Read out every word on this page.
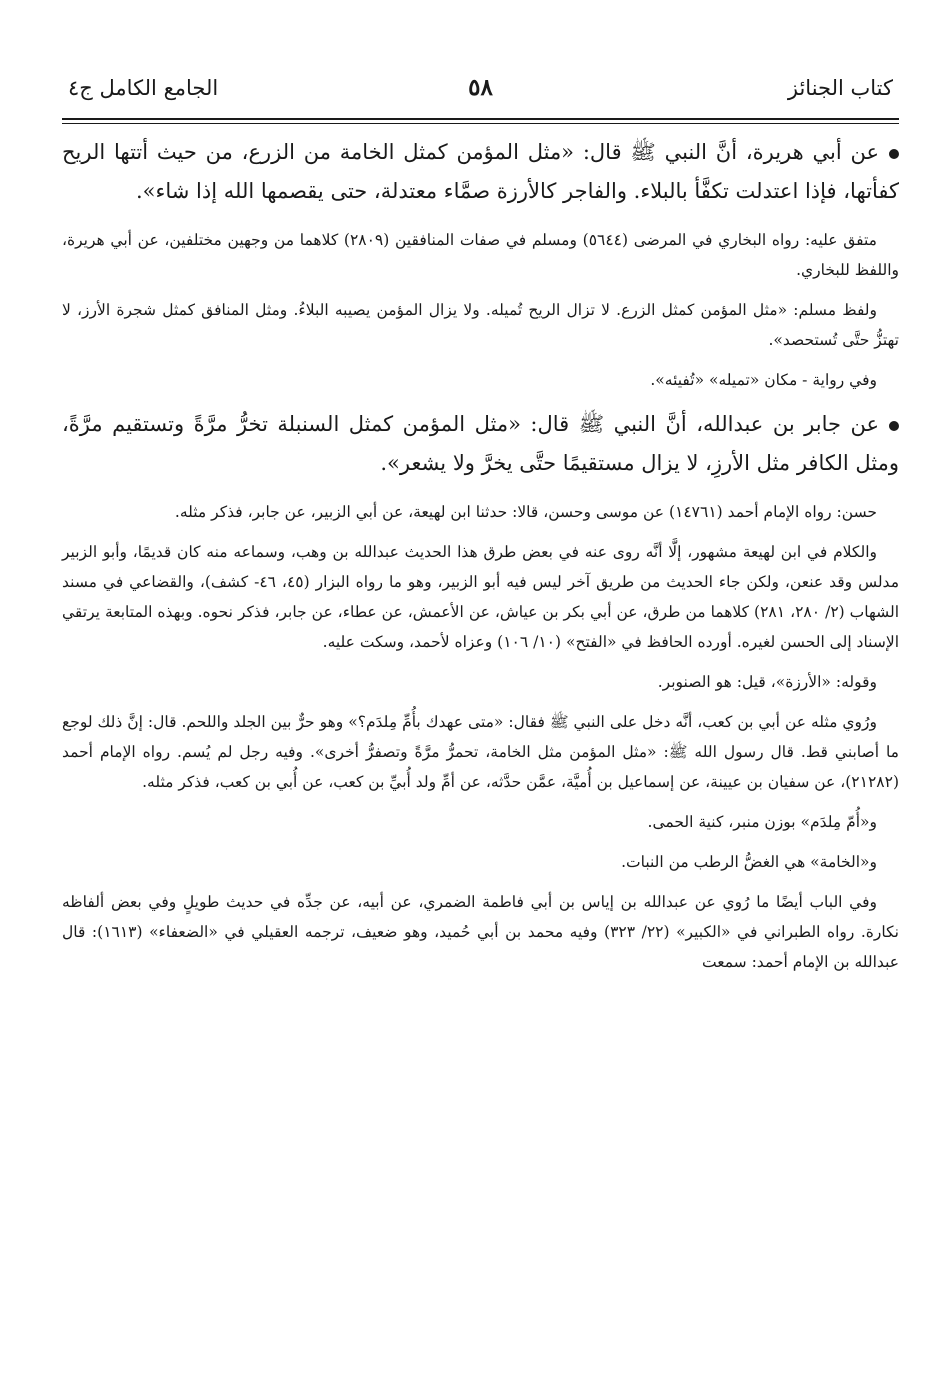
كتاب الجنائز
٥٨
الجامع الكامل ج٤

عن أبي هريرة، أنَّ النبي ﷺ قال: «مثل المؤمن كمثل الخامة من الزرع، من حيث أتتها الريح كفأتها، فإذا اعتدلت تكفَّأ بالبلاء. والفاجر كالأرزة صمَّاء معتدلة، حتى يقصمها الله إذا شاء».

متفق عليه: رواه البخاري في المرضى (٥٦٤٤) ومسلم في صفات المنافقين (٢٨٠٩) كلاهما من وجهين مختلفين، عن أبي هريرة، واللفظ للبخاري.

ولفظ مسلم: «مثل المؤمن كمثل الزرع. لا تزال الريح تُميله. ولا يزال المؤمن يصيبه البلاءُ. ومثل المنافق كمثل شجرة الأرز، لا تهتزُّ حتَّى تُستحصد».

وفي رواية - مكان «تميله» «تُفيئه».

عن جابر بن عبدالله، أنَّ النبي ﷺ قال: «مثل المؤمن كمثل السنبلة تخرُّ مرَّةً وتستقيم مرَّةً، ومثل الكافر مثل الأرزِ، لا يزال مستقيمًا حتَّى يخرَّ ولا يشعر».

حسن: رواه الإمام أحمد (١٤٧٦١) عن موسى وحسن، قالا: حدثنا ابن لهيعة، عن أبي الزبير، عن جابر، فذكر مثله.

والكلام في ابن لهيعة مشهور، إلَّا أنَّه روى عنه في بعض طرق هذا الحديث عبدالله بن وهب، وسماعه منه كان قديمًا، وأبو الزبير مدلس وقد عنعن، ولكن جاء الحديث من طريق آخر ليس فيه أبو الزبير، وهو ما رواه البزار (٤٥، ٤٦- كشف)، والقضاعي في مسند الشهاب (٢/ ٢٨٠، ٢٨١) كلاهما من طرق، عن أبي بكر بن عياش، عن الأعمش، عن عطاء، عن جابر، فذكر نحوه. وبهذه المتابعة يرتقي الإسناد إلى الحسن لغيره. أورده الحافظ في «الفتح» (١٠/ ١٠٦) وعزاه لأحمد، وسكت عليه.

وقوله: «الأرزة»، قيل: هو الصنوبر.

ورُوي مثله عن أبي بن كعب، أنَّه دخل على النبي ﷺ فقال: «متى عهدك بأُمِّ مِلدَم؟» وهو حرٌّ بين الجلد واللحم. قال: إنَّ ذلك لوجع ما أصابني قط. قال رسول الله ﷺ: «مثل المؤمن مثل الخامة، تحمرُّ مرَّةً وتصفرُّ أخرى». وفيه رجل لم يُسم. رواه الإمام أحمد (٢١٢٨٢)، عن سفيان بن عيينة، عن إسماعيل بن أُميَّة، عمَّن حدَّثه، عن أمِّ ولد أُبيِّ بن كعب، عن أُبي بن كعب، فذكر مثله.

و«أُمّ مِلدَم» بوزن منبر، كنية الحمى.

و«الخامة» هي الغضُّ الرطب من النبات.

وفي الباب أيضًا ما رُوي عن عبدالله بن إياس بن أبي فاطمة الضمري، عن أبيه، عن جدِّه في حديث طويلٍ وفي بعض ألفاظه نكارة. رواه الطبراني في «الكبير» (٢٢/ ٣٢٣) وفيه محمد بن أبي حُميد، وهو ضعيف، ترجمه العقيلي في «الضعفاء» (١٦١٣): قال عبدالله بن الإمام أحمد: سمعت
